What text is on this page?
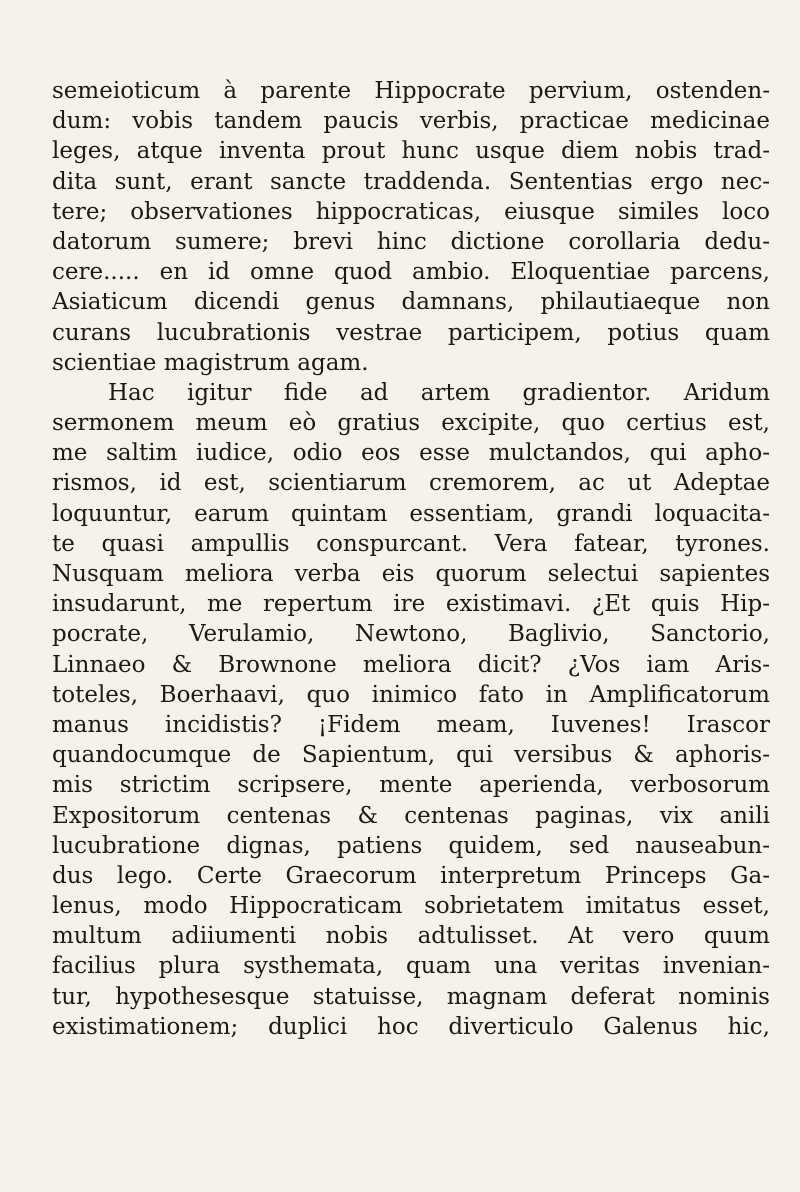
semeioticum à parente Hippocrate pervium, ostenden-
dum: vobis tandem paucis verbis, practicae medicinae
leges, atque inventa prout hunc usque diem nobis trad-
dita sunt, erant sancte traddenda. Sententias ergo nec-
tere; observationes hippocraticas, eiusque similes loco
datorum sumere; brevi hinc dictione corollaria dedu-
cere..... en id omne quod ambio. Eloquentiae parcens,
Asiaticum dicendi genus damnans, philautiaeque non
curans lucubrationis vestrae participem, potius quam
scientiae magistrum agam.
Hac igitur fide ad artem gradientor. Aridum
sermonem meum eò gratius excipite, quo certius est,
me saltim iudice, odio eos esse mulctandos, qui apho-
rismos, id est, scientiarum cremorem, ac ut Adeptae
loquuntur, earum quintam essentiam, grandi loquacita-
te quasi ampullis conspurcant. Vera fatear, tyrones.
Nusquam meliora verba eis quorum selectui sapientes
insudarunt, me repertum ire existimavi. ¿Et quis Hip-
pocrate, Verulamio, Newtono, Baglivio, Sanctorio,
Linnaeo & Brownone meliora dicit? ¿Vos iam Aris-
toteles, Boerhaavi, quo inimico fato in Amplificatorum
manus incidistis? ¡Fidem meam, Iuvenes! Irascor
quandocumque de Sapientum, qui versibus & aphoris-
mis strictim scripsere, mente aperienda, verbosorum
Expositorum centenas & centenas paginas, vix anili
lucubratione dignas, patiens quidem, sed nauseabun-
dus lego. Certe Graecorum interpretum Princeps Ga-
lenus, modo Hippocraticam sobrietatem imitatus esset,
multum adiiumenti nobis adtulisset. At vero quum
facilius plura systhemata, quam una veritas invenian-
tur, hypothesesque statuisse, magnam deferat nominis
existimationem; duplici hoc diverticulo Galenus hic,
